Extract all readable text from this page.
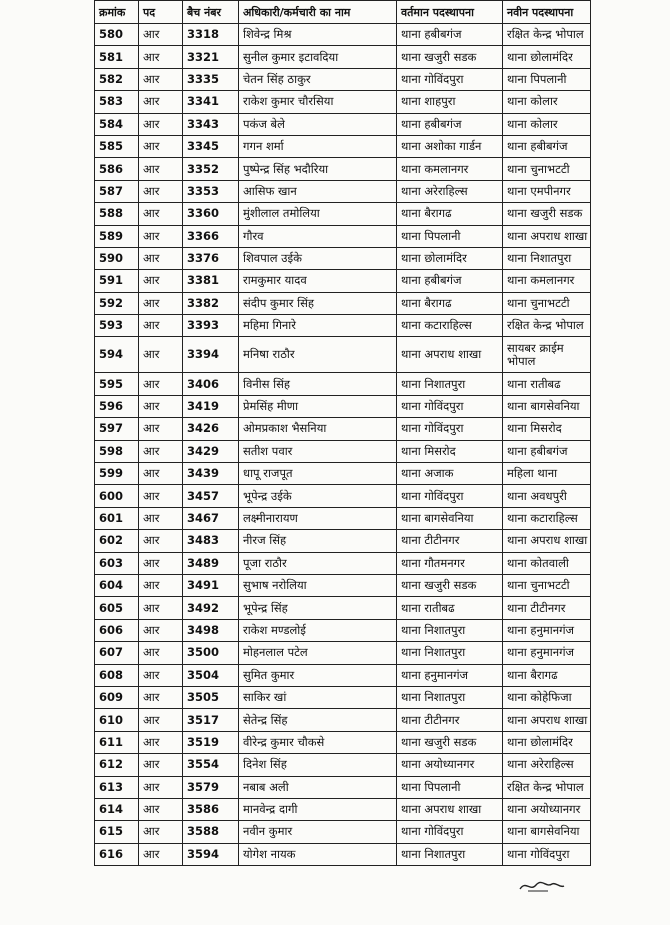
क्रमांक	पद	बैच नंबर	अधिकारी/कर्मचारी का नाम	वर्तमान पदस्थापना	नवीन पदस्थापना
580	आर	3318	शिवेन्द्र मिश्र	थाना हबीबगंज	रक्षित केन्द्र भोपाल
581	आर	3321	सुनील कुमार इटावदिया	थाना खजुरी सडक	थाना छोलामंदिर
582	आर	3335	चेतन सिंह ठाकुर	थाना गोविंदपुरा	थाना पिपलानी
583	आर	3341	राकेश कुमार चौरसिया	थाना शाहपुरा	थाना कोलार
584	आर	3343	पकंज बेले	थाना हबीबगंज	थाना कोलार
585	आर	3345	गगन शर्मा	थाना अशोका गार्डन	थाना हबीबगंज
586	आर	3352	पुष्पेन्द्र सिंह भदौरिया	थाना कमलानगर	थाना चुनाभटटी
587	आर	3353	आसिफ खान	थाना अरेराहिल्स	थाना एमपीनगर
588	आर	3360	मुंशीलाल तमोलिया	थाना बैरागढ	थाना खजुरी सडक
589	आर	3366	गौरव	थाना पिपलानी	थाना अपराध शाखा
590	आर	3376	शिवपाल उईके	थाना छोलामंदिर	थाना निशातपुरा
591	आर	3381	रामकुमार यादव	थाना हबीबगंज	थाना कमलानगर
592	आर	3382	संदीप कुमार सिंह	थाना बैरागढ	थाना चुनाभटटी
593	आर	3393	महिमा गिनारे	थाना कटाराहिल्स	रक्षित केन्द्र भोपाल
594	आर	3394	मनिषा राठौर	थाना अपराध शाखा	सायबर क्राईम भोपाल
595	आर	3406	विनीस सिंह	थाना निशातपुरा	थाना रातीबढ
596	आर	3419	प्रेमसिंह मीणा	थाना गोविंदपुरा	थाना बागसेवनिया
597	आर	3426	ओमप्रकाश भैसनिया	थाना गोविंदपुरा	थाना मिसरोद
598	आर	3429	सतीश पवार	थाना मिसरोद	थाना हबीबगंज
599	आर	3439	धापू राजपूत	थाना अजाक	महिला थाना
600	आर	3457	भूपेन्द्र उईके	थाना गोविंदपुरा	थाना अवधपुरी
601	आर	3467	लक्ष्मीनारायण	थाना बागसेवनिया	थाना कटाराहिल्स
602	आर	3483	नीरज सिंह	थाना टीटीनगर	थाना अपराध शाखा
603	आर	3489	पूजा राठौर	थाना गौतमनगर	थाना कोतवाली
604	आर	3491	सुभाष नरोलिया	थाना खजुरी सडक	थाना चुनाभटटी
605	आर	3492	भूपेन्द्र सिंह	थाना रातीबढ	थाना टीटीनगर
606	आर	3498	राकेश मण्डलोई	थाना निशातपुरा	थाना हनुमानगंज
607	आर	3500	मोहनलाल पटेल	थाना निशातपुरा	थाना हनुमानगंज
608	आर	3504	सुमित कुमार	थाना हनुमानगंज	थाना बैरागढ
609	आर	3505	साकिर खां	थाना निशातपुरा	थाना कोहेफिजा
610	आर	3517	सेतेन्द्र सिंह	थाना टीटीनगर	थाना अपराध शाखा
611	आर	3519	वीरेन्द्र कुमार चौकसे	थाना खजुरी सडक	थाना छोलामंदिर
612	आर	3554	दिनेश सिंह	थाना अयोध्यानगर	थाना अरेराहिल्स
613	आर	3579	नबाब अली	थाना पिपलानी	रक्षित केन्द्र भोपाल
614	आर	3586	मानवेन्द्र दागी	थाना अपराध शाखा	थाना अयोध्यानगर
615	आर	3588	नवीन कुमार	थाना गोविंदपुरा	थाना बागसेवनिया
616	आर	3594	योगेश नायक	थाना निशातपुरा	थाना गोविंदपुरा
